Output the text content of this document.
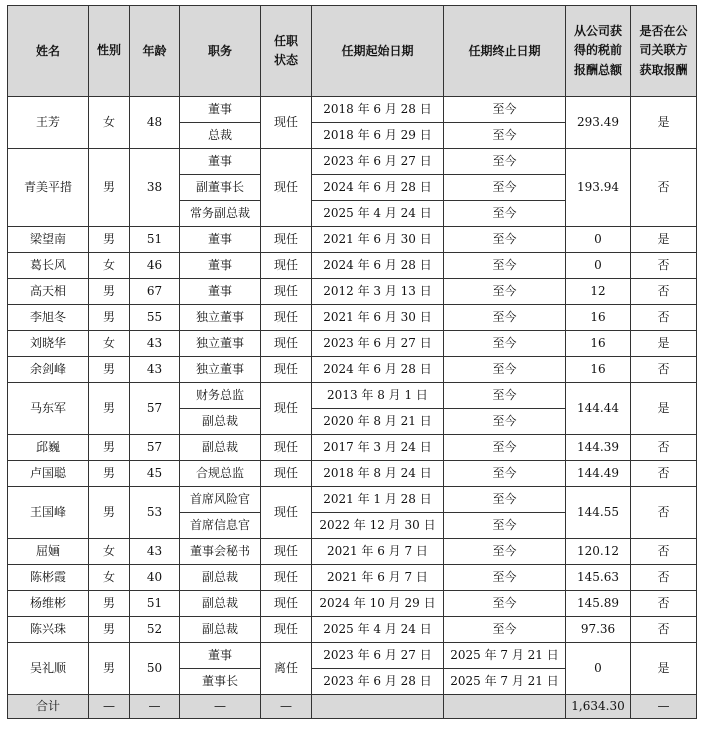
姓名	性别	年龄	职务	任职状态	任期起始日期	任期终止日期	从公司获得的税前报酬总额	是否在公司关联方获取报酬

王芳	女	48	董事	现任	2018 年 6 月 28 日	至今	293.49	是
			总裁		2018 年 6 月 29 日	至今		
青美平措	男	38	董事	现任	2023 年 6 月 27 日	至今	193.94	否
			副董事长		2024 年 6 月 28 日	至今		
			常务副总裁		2025 年 4 月 24 日	至今		
梁望南	男	51	董事	现任	2021 年 6 月 30 日	至今	0	是
葛长风	女	46	董事	现任	2024 年 6 月 28 日	至今	0	否
高天相	男	67	董事	现任	2012 年 3 月 13 日	至今	12	否
李旭冬	男	55	独立董事	现任	2021 年 6 月 30 日	至今	16	否
刘晓华	女	43	独立董事	现任	2023 年 6 月 27 日	至今	16	是
余剑峰	男	43	独立董事	现任	2024 年 6 月 28 日	至今	16	否
马东军	男	57	财务总监	现任	2013 年 8 月 1 日	至今	144.44	是
			副总裁		2020 年 8 月 21 日	至今		
邱巍	男	57	副总裁	现任	2017 年 3 月 24 日	至今	144.39	否
卢国聪	男	45	合规总监	现任	2018 年 8 月 24 日	至今	144.49	否
王国峰	男	53	首席风险官	现任	2021 年 1 月 28 日	至今	144.55	否
			首席信息官		2022 年 12 月 30 日	至今		
屈婳	女	43	董事会秘书	现任	2021 年 6 月 7 日	至今	120.12	否
陈彬霞	女	40	副总裁	现任	2021 年 6 月 7 日	至今	145.63	否
杨维彬	男	51	副总裁	现任	2024 年 10 月 29 日	至今	145.89	否
陈兴珠	男	52	副总裁	现任	2025 年 4 月 24 日	至今	97.36	否
吴礼顺	男	50	董事	离任	2023 年 6 月 27 日	2025 年 7 月 21 日	0	是
			董事长		2023 年 6 月 28 日	2025 年 7 月 21 日		
合计	—	—	—	—			1,634.30	—
